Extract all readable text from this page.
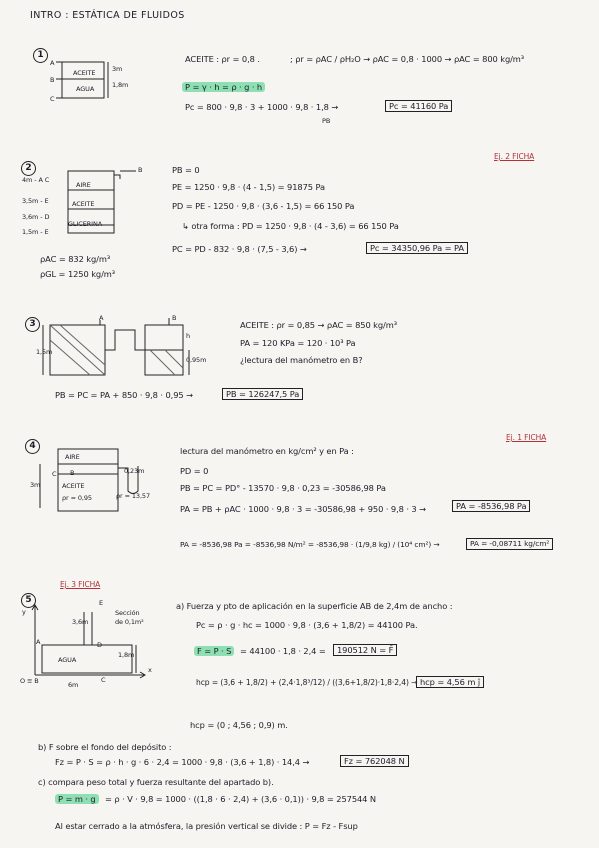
INTRO : ESTÁTICA DE FLUIDOS
1
A
B
C
ACEITE
AGUA
3m
1,8m
ACEITE : ρr = 0,8 .	; ρr = ρAC / ρH₂O → ρAC = 0,8 · 1000 → ρAC = 800 kg/m³
P = γ · h = ρ · g · h
Pc = 800 · 9,8 · 3 + 1000 · 9,8 · 1,8 →
PB
Pc = 41160 Pa
2
Ej. 2 FICHA
4m - A C
3,5m - E
3,6m - D
1,5m - E
AIRE
ACEITE
GLICERINA
B
ρAC = 832 kg/m³
ρGL = 1250 kg/m³
PB = 0
PE = 1250 · 9,8 · (4 - 1,5) = 91875 Pa
PD = PE - 1250 · 9,8 · (3,6 - 1,5) = 66 150 Pa
↳ otra forma : PD = 1250 · 9,8 · (4 - 3,6) = 66 150 Pa
PC = PD - 832 · 9,8 · (7,5 - 3,6) →	Pc = 34350,96 Pa = PA
3
1,5m
A	B
h
0,95m
ACEITE : ρr = 0,85 → ρAC = 850 kg/m³
PA = 120 KPa = 120 · 10³ Pa
¿lectura del manómetro en B?
PB = PC = PA + 850 · 9,8 · 0,95 →	PB = 126247,5 Pa
4
Ej. 1 FICHA
AIRE
B
ACEITE
C
ρr = 0,95
3m
0,23m
ρr = 13,57
lectura del manómetro en kg/cm² y en Pa :
PD = 0
PB = PC = PD° - 13570 · 9,8 · 0,23 = -30586,98 Pa
PA = PB + ρAC · 1000 · 9,8 · 3 = -30586,98 + 950 · 9,8 · 3 →	PA = -8536,98 Pa
PA = -8536,98 Pa = -8536,98 N/m² = -8536,98 · (1/9,8 kg) / (10⁴ cm²) →	PA = -0,08711 kg/cm²
5
Ej. 3 FICHA
y
x
E
Sección
de 0,1m²
3,6m
A	D
AGUA
1,8m
C
6m
O ≡ B
a) Fuerza y pto de aplicación en la superficie AB de 2,4m de ancho :
Pc = ρ · g · hc = 1000 · 9,8 · (3,6 + 1,8/2) = 44100 Pa.
F = P · S	= 44100 · 1,8 · 2,4 =	190512 N = F̄
hcp = (3,6 + 1,8/2) + (2,4·1,8³/12) / ((3,6+1,8/2)·1,8·2,4) → hcp = 4,56 m ĵ
hcp = (0 ; 4,56 ; 0,9) m.
b) F sobre el fondo del depósito :
Fz = P · S = ρ · h · g · 6 · 2,4 = 1000 · 9,8 · (3,6 + 1,8) · 14,4 →	Fz = 762048 N
c) compara peso total y fuerza resultante del apartado b).
P = m · g	= ρ · V · 9,8 = 1000 · ((1,8 · 6 · 2,4) + (3,6 · 0,1)) · 9,8 = 257544 N
Al estar cerrado a la atmósfera, la presión vertical se divide : P = Fz - Fsup
